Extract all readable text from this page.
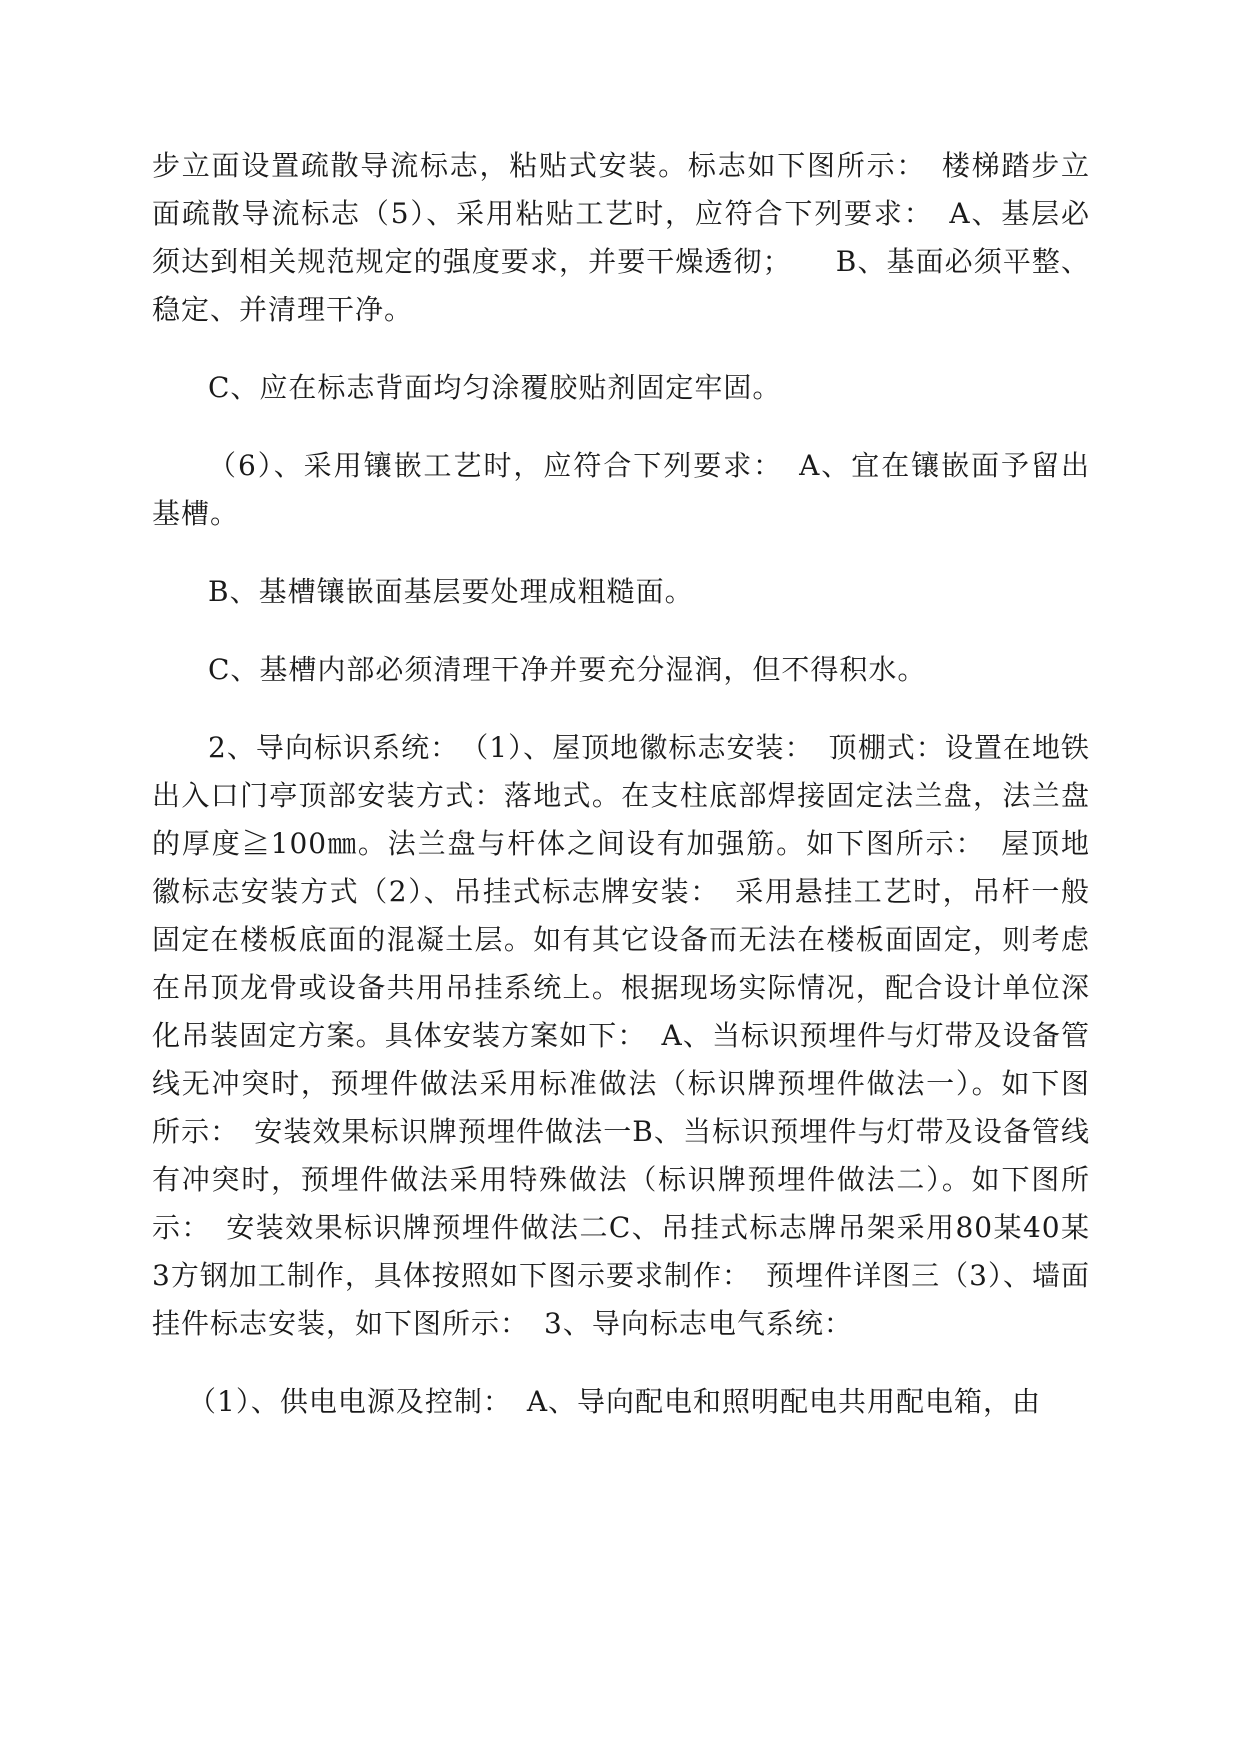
步立面设置疏散导流标志，粘贴式安装。标志如下图所示：　楼梯踏步立面疏散导流标志（5）、采用粘贴工艺时，应符合下列要求：　A、基层必须达到相关规范规定的强度要求，并要干燥透彻；　　B、基面必须平整、稳定、并清理干净。

C、应在标志背面均匀涂覆胶贴剂固定牢固。

（6）、采用镶嵌工艺时，应符合下列要求：　A、宜在镶嵌面予留出基槽。

B、基槽镶嵌面基层要处理成粗糙面。

C、基槽内部必须清理干净并要充分湿润，但不得积水。

2、导向标识系统：　（1）、屋顶地徽标志安装：　顶棚式：设置在地铁出入口门亭顶部安装方式：落地式。在支柱底部焊接固定法兰盘，法兰盘的厚度≧100㎜。法兰盘与杆体之间设有加强筋。如下图所示：　屋顶地徽标志安装方式（2）、吊挂式标志牌安装：　采用悬挂工艺时，吊杆一般固定在楼板底面的混凝土层。如有其它设备而无法在楼板面固定，则考虑在吊顶龙骨或设备共用吊挂系统上。根据现场实际情况，配合设计单位深化吊装固定方案。具体安装方案如下：　A、当标识预埋件与灯带及设备管线无冲突时，预埋件做法采用标准做法（标识牌预埋件做法一）。如下图所示：　安装效果标识牌预埋件做法一B、当标识预埋件与灯带及设备管线有冲突时，预埋件做法采用特殊做法（标识牌预埋件做法二）。如下图所示：　安装效果标识牌预埋件做法二C、吊挂式标志牌吊架采用80某40某3方钢加工制作，具体按照如下图示要求制作：　预埋件详图三（3）、墙面挂件标志安装，如下图所示：　3、导向标志电气系统：

（1）、供电电源及控制：　A、导向配电和照明配电共用配电箱，由
